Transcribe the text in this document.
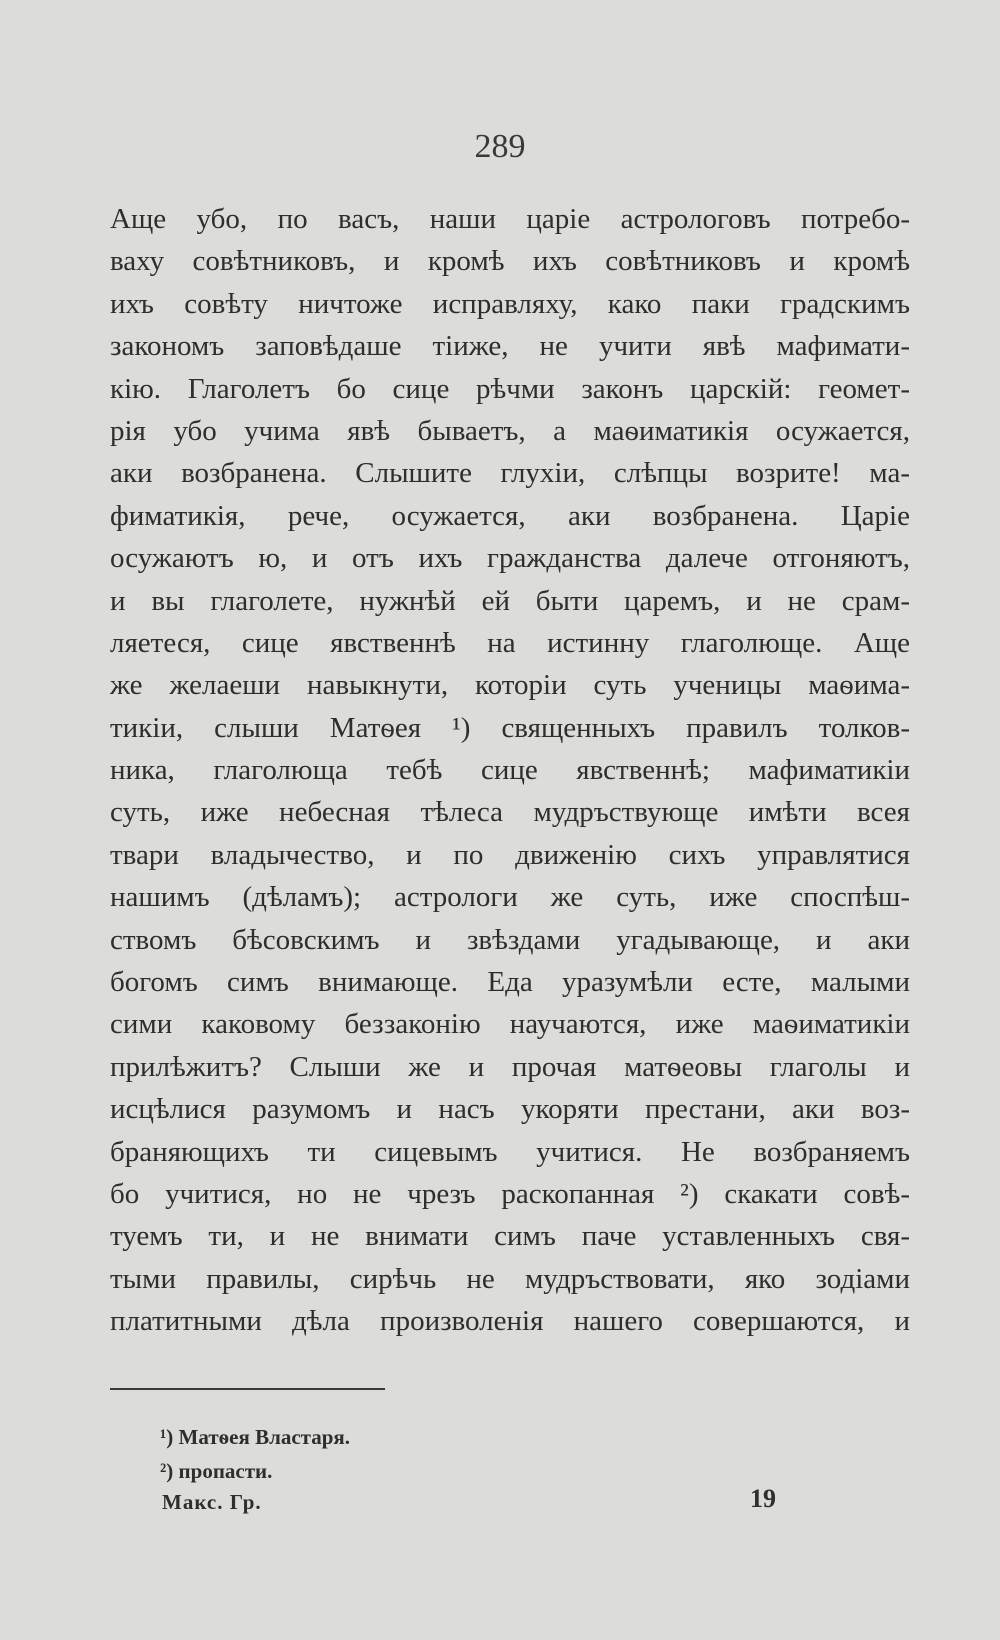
289
Аще убо, по васъ, наши царiе астрологовъ потребо-
ваху совѣтниковъ, и кромѣ ихъ совѣтниковъ и кромѣ
ихъ совѣту ничтоже исправляху, како паки градскимъ
закономъ заповѣдаше тiиже, не учити явѣ мафимати-
кiю. Глаголетъ бо сице рѣчми законъ царскiй: геомет-
рiя убо учима явѣ бываетъ, а маѳиматикiя осужается,
аки возбранена. Слышите глухiи, слѣпцы возрите! ма-
фиматикiя, рече, осужается, аки возбранена. Царiе
осужаютъ ю, и отъ ихъ гражданства далече отгоняютъ,
и вы глаголете, нужнѣй ей быти царемъ, и не срам-
ляетеся, сице явственнѣ на истинну глаголюще. Аще
же желаеши навыкнути, которiи суть ученицы маѳима-
тикiи, слыши Матѳея ¹) священныхъ правилъ толков-
ника, глаголюща тебѣ сице явственнѣ; мафиматикiи
суть, иже небесная тѣлеса мудръствующе имѣти всея
твари владычество, и по движенiю сихъ управлятися
нашимъ (дѣламъ); астрологи же суть, иже споспѣш-
ствомъ бѣсовскимъ и звѣздами угадывающе, и аки
богомъ симъ внимающе. Еда уразумѣли есте, малыми
сими каковому беззаконiю научаются, иже маѳиматикiи
прилѣжитъ? Слыши же и прочая матѳеовы глаголы и
исцѣлися разумомъ и насъ укоряти престани, аки воз-
браняющихъ ти сицевымъ учитися. Не возбраняемъ
бо учитися, но не чрезъ раскопанная ²) скакати совѣ-
туемъ ти, и не внимати симъ паче уставленныхъ свя-
тыми правилы, сирѣчь не мудръствовати, яко зодiами
платитными дѣла произволенiя нашего совершаются, и
¹) Матѳея Властаря.
²) пропасти.
Макс. Гр.	19
